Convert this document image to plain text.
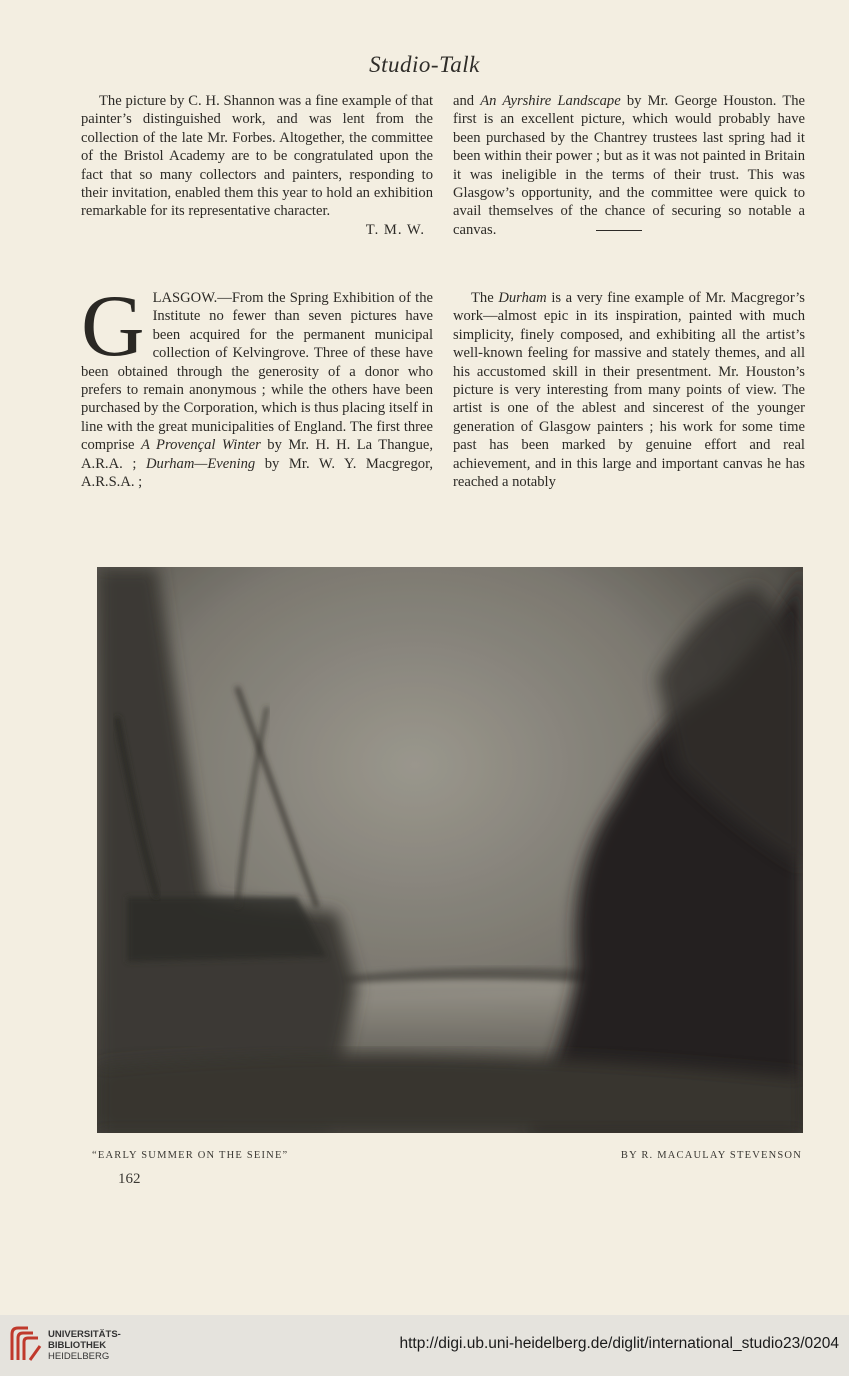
Studio-Talk

The picture by C. H. Shannon was a fine example of that painter’s distinguished work, and was lent from the collection of the late Mr. Forbes. Altogether, the committee of the Bristol Academy are to be congratulated upon the fact that so many collectors and painters, responding to their invitation, enabled them this year to hold an exhibition remarkable for its representative character.

T. M. W.

and An Ayrshire Landscape by Mr. George Houston. The first is an excellent picture, which would probably have been purchased by the Chantrey trustees last spring had it been within their power ; but as it was not painted in Britain it was ineligible in the terms of their trust. This was Glasgow’s opportunity, and the committee were quick to avail themselves of the chance of securing so notable a canvas.

GLASGOW.—From the Spring Exhibition of the Institute no fewer than seven pictures have been acquired for the permanent municipal collection of Kelvingrove. Three of these have been obtained through the generosity of a donor who prefers to remain anonymous ; while the others have been purchased by the Corporation, which is thus placing itself in line with the great municipalities of England. The first three comprise A Provençal Winter by Mr. H. H. La Thangue, A.R.A. ; Durham—Evening by Mr. W. Y. Macgregor, A.R.S.A. ;

The Durham is a very fine example of Mr. Macgregor’s work—almost epic in its inspiration, painted with much simplicity, finely composed, and exhibiting all the artist’s well-known feeling for massive and stately themes, and all his accustomed skill in their presentment. Mr. Houston’s picture is very interesting from many points of view. The artist is one of the ablest and sincerest of the younger generation of Glasgow painters ; his work for some time past has been marked by genuine effort and real achievement, and in this large and important canvas he has reached a notably

“EARLY SUMMER ON THE SEINE”	BY R. MACAULAY STEVENSON
162
UNIVERSITÄTS-
BIBLIOTHEK
HEIDELBERG
http://digi.ub.uni-heidelberg.de/diglit/international_studio23/0204
